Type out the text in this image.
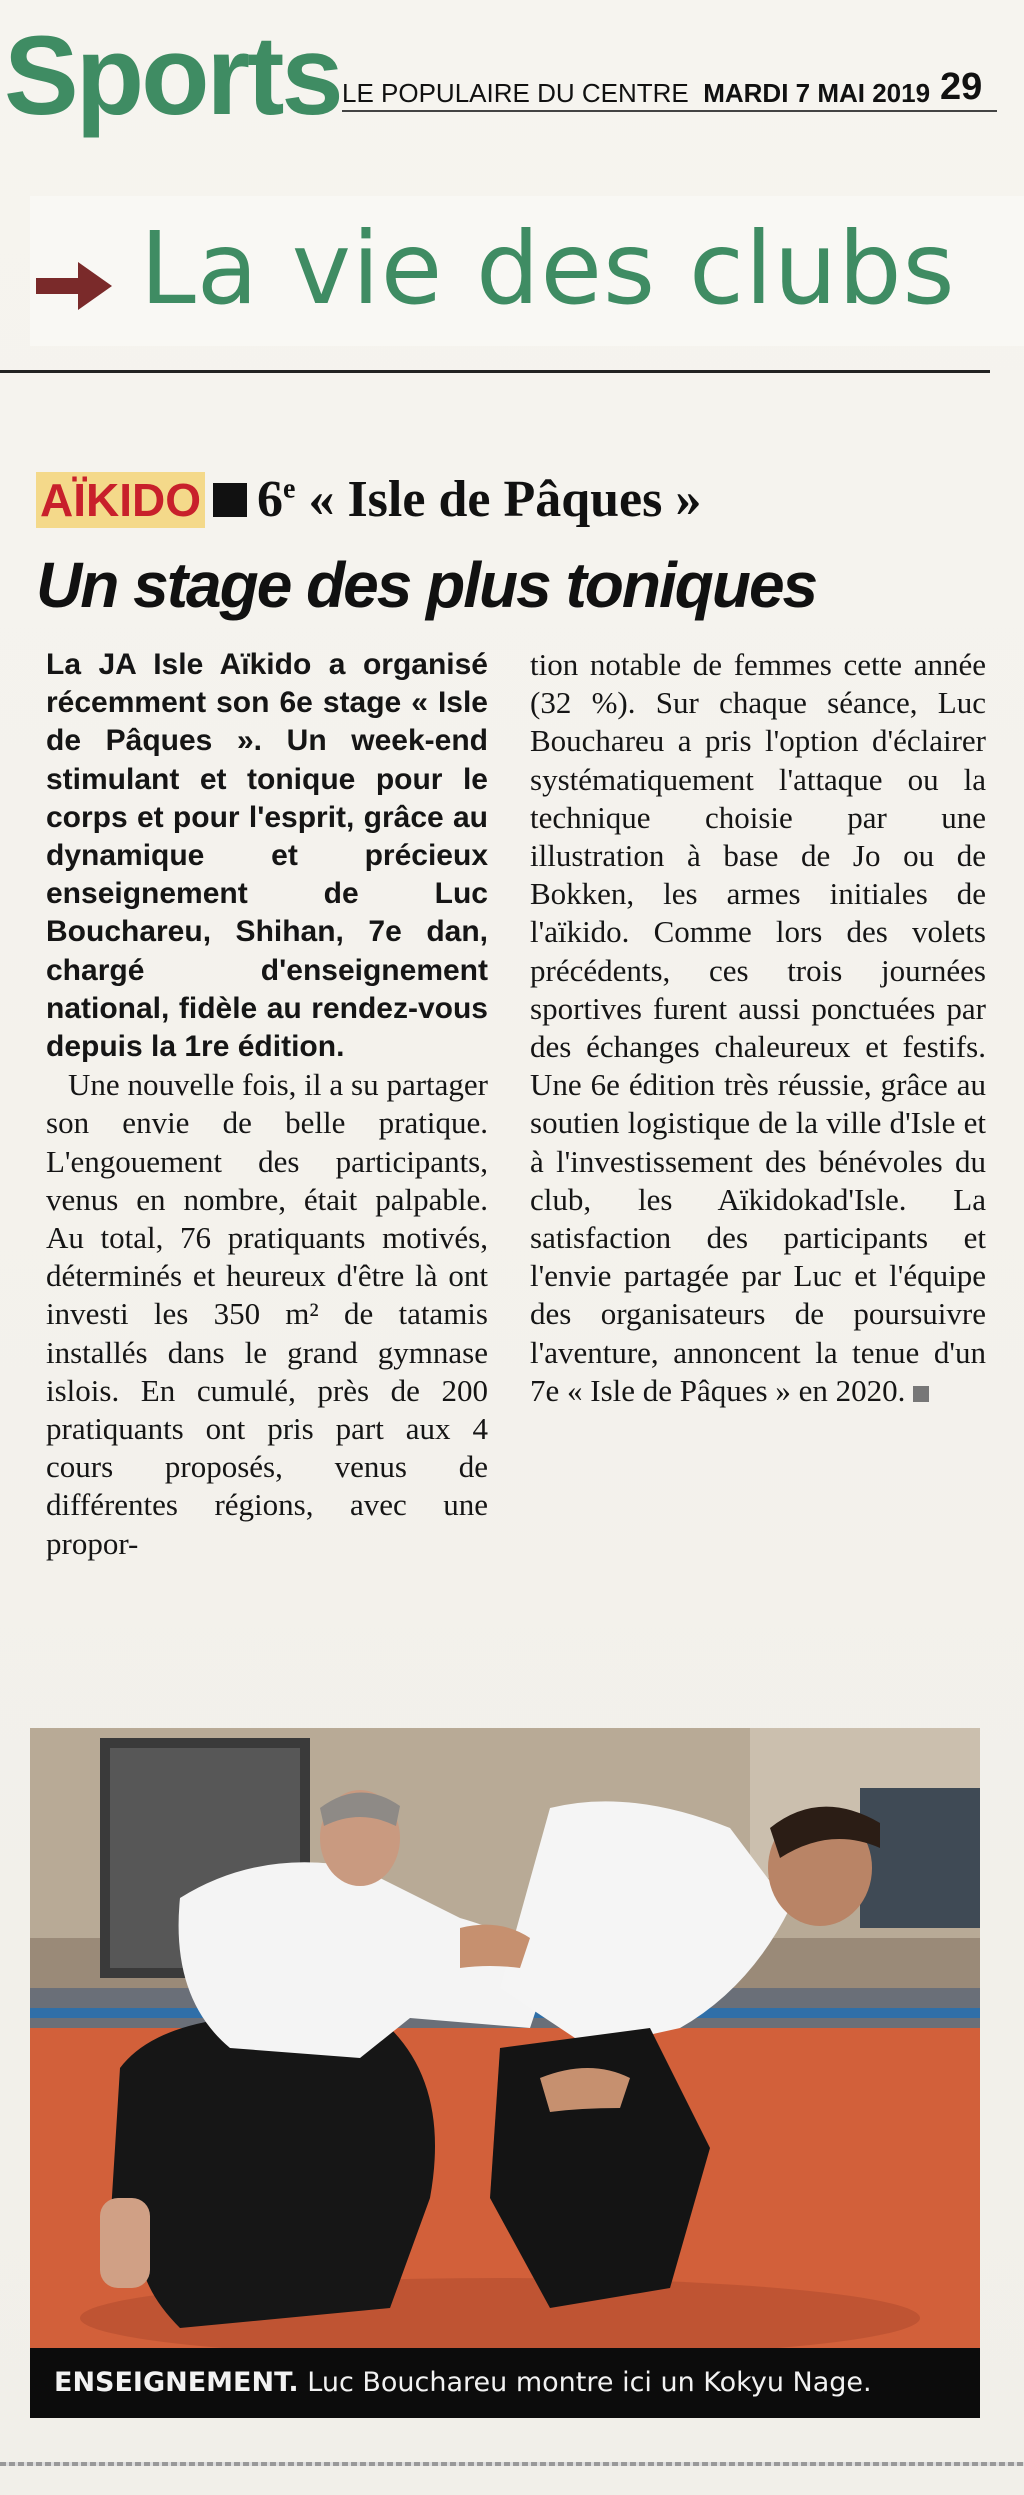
Sports LE POPULAIRE DU CENTRE MARDI 7 MAI 2019 29
La vie des clubs
AÏKIDO 6e « Isle de Pâques »
Un stage des plus toniques

La JA Isle Aïkido a organisé récemment son 6e stage « Isle de Pâques ». Un week-end stimulant et tonique pour le corps et pour l'esprit, grâce au dynamique et précieux enseignement de Luc Bouchareu, Shihan, 7e dan, chargé d'enseignement national, fidèle au rendez-vous depuis la 1re édition.

Une nouvelle fois, il a su partager son envie de belle pratique. L'engouement des participants, venus en nombre, était palpable. Au total, 76 pratiquants motivés, déterminés et heureux d'être là ont investi les 350 m² de tatamis installés dans le grand gymnase islois. En cumulé, près de 200 pratiquants ont pris part aux 4 cours proposés, venus de différentes régions, avec une propor-

tion notable de femmes cette année (32 %). Sur chaque séance, Luc Bouchareu a pris l'option d'éclairer systématiquement l'attaque ou la technique choisie par une illustration à base de Jo ou de Bokken, les armes initiales de l'aïkido. Comme lors des volets précédents, ces trois journées sportives furent aussi ponctuées par des échanges chaleureux et festifs. Une 6e édition très réussie, grâce au soutien logistique de la ville d'Isle et à l'investissement des bénévoles du club, les Aïkidokad'Isle. La satisfaction des participants et l'envie partagée par Luc et l'équipe des organisateurs de poursuivre l'aventure, annoncent la tenue d'un 7e « Isle de Pâques » en 2020.

ENSEIGNEMENT. Luc Bouchareu montre ici un Kokyu Nage.
